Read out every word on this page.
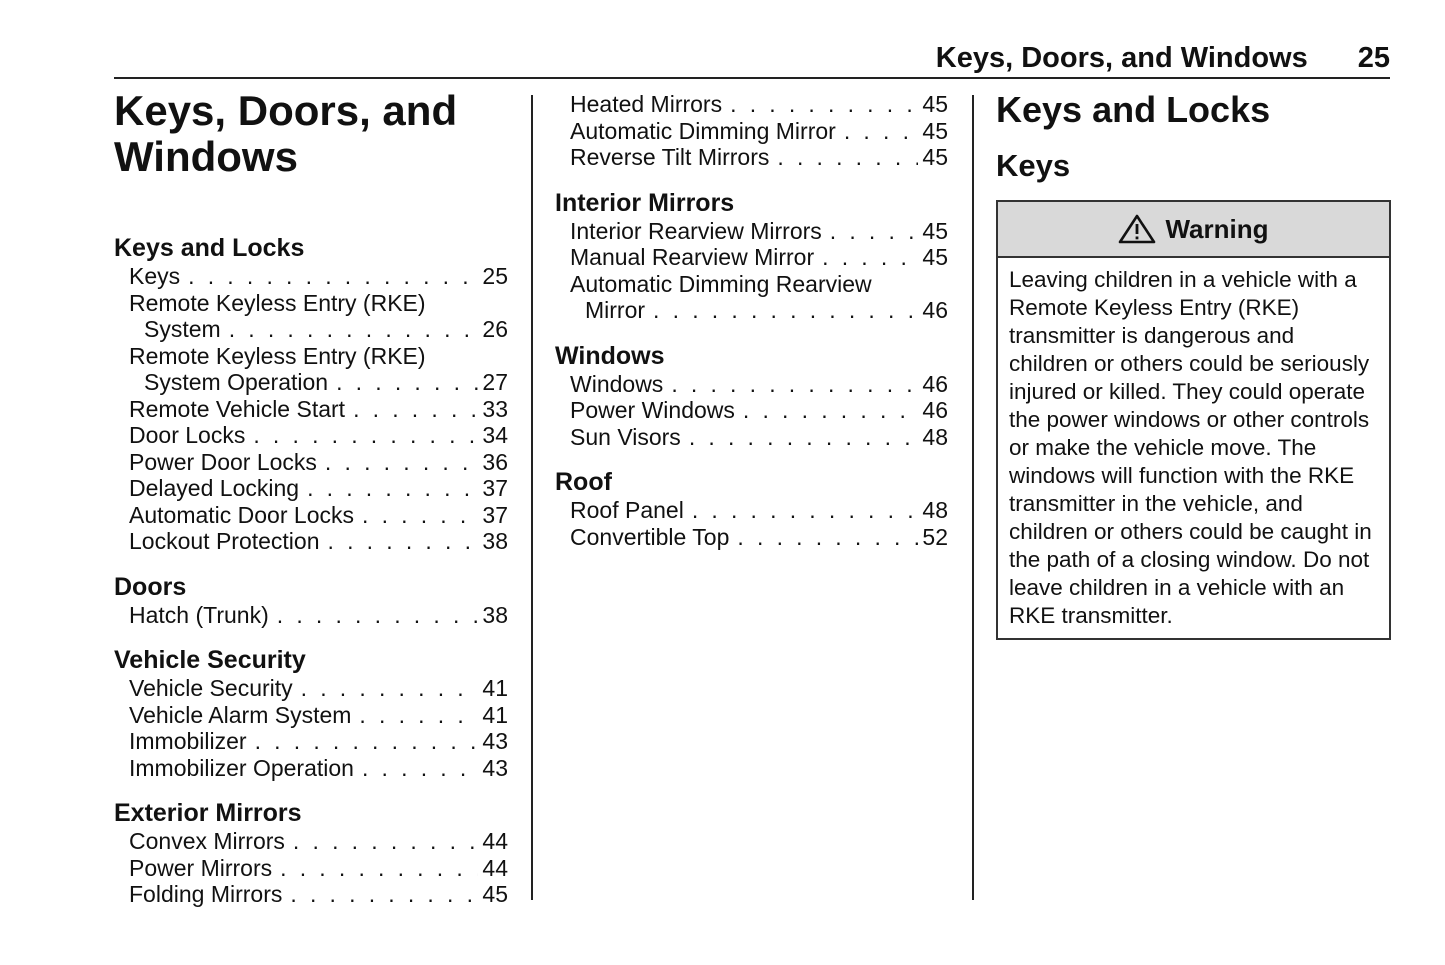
Keys, Doors, and Windows 25
Keys, Doors, and Windows
Keys and Locks
Keys . . .	25
Remote Keyless Entry (RKE)
System . . .	26
Remote Keyless Entry (RKE)
System Operation . . .	27
Remote Vehicle Start . . .	33
Door Locks . . .	34
Power Door Locks . . .	36
Delayed Locking . . .	37
Automatic Door Locks . . .	37
Lockout Protection . . .	38
Doors
Hatch (Trunk) . . .	38
Vehicle Security
Vehicle Security . . .	41
Vehicle Alarm System . . .	41
Immobilizer . . .	43
Immobilizer Operation . . .	43
Exterior Mirrors
Convex Mirrors . . .	44
Power Mirrors . . .	44
Folding Mirrors . . .	45
Heated Mirrors . . .	45
Automatic Dimming Mirror . . .	45
Reverse Tilt Mirrors . . .	45
Interior Mirrors
Interior Rearview Mirrors . . .	45
Manual Rearview Mirror . . .	45
Automatic Dimming Rearview
Mirror . . .	46
Windows
Windows . . .	46
Power Windows . . .	46
Sun Visors . . .	48
Roof
Roof Panel . . .	48
Convertible Top . . .	52
Keys and Locks
Keys
Warning
Leaving children in a vehicle with a Remote Keyless Entry (RKE) transmitter is dangerous and children or others could be seriously injured or killed. They could operate the power windows or other controls or make the vehicle move. The windows will function with the RKE transmitter in the vehicle, and children or others could be caught in the path of a closing window. Do not leave children in a vehicle with an RKE transmitter.
